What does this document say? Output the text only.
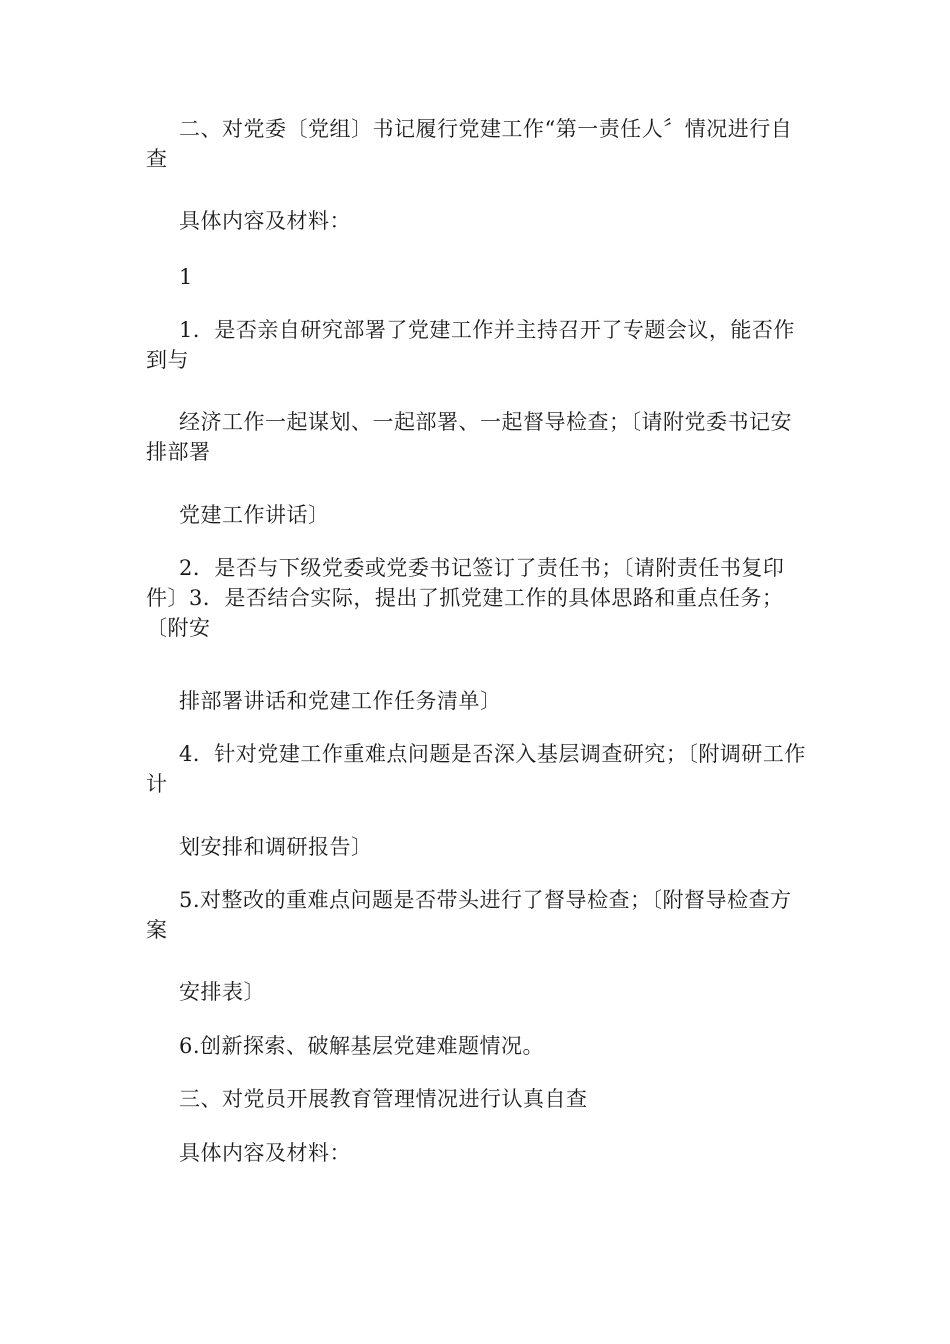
二、对党委〔党组〕书记履行党建工作“第一责任人〞情况进行自查

具体内容及材料：

1

1．是否亲自研究部署了党建工作并主持召开了专题会议，能否作到与

经济工作一起谋划、一起部署、一起督导检查；〔请附党委书记安排部署

党建工作讲话〕

2．是否与下级党委或党委书记签订了责任书；〔请附责任书复印件〕3．是否结合实际，提出了抓党建工作的具体思路和重点任务；〔附安

排部署讲话和党建工作任务清单〕

4．针对党建工作重难点问题是否深入基层调查研究；〔附调研工作计

划安排和调研报告〕

5.对整改的重难点问题是否带头进行了督导检查；〔附督导检查方案

安排表〕

6.创新探索、破解基层党建难题情况。

三、对党员开展教育管理情况进行认真自查

具体内容及材料：
